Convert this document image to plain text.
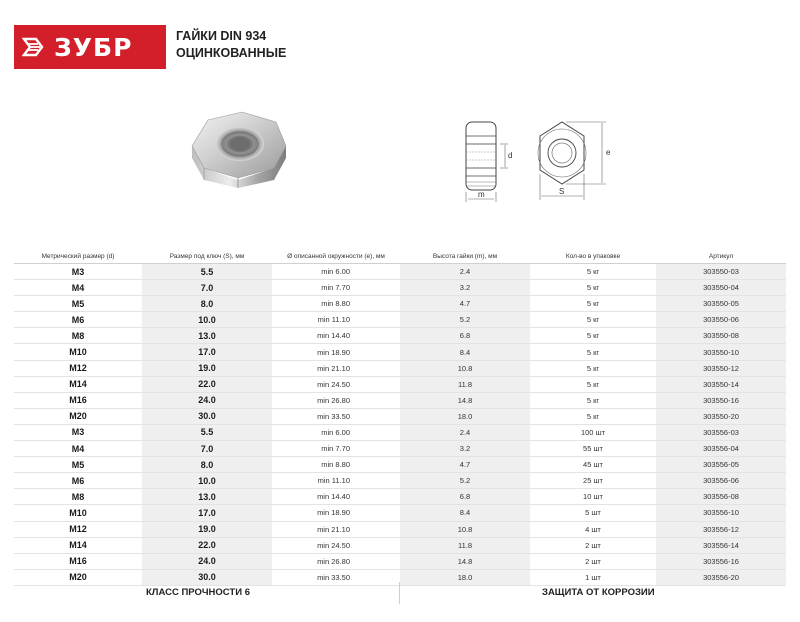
ЗУБР	ГАЙКИ DIN 934
ОЦИНКОВАННЫЕ
d
m	S
e
Метрический размер (d)	Размер под ключ (S), мм	Ø описанной окружности (e), мм	Высота гайки (m), мм	Кол-во в упаковке	Артикул
M3	5.5	min 6.00	2.4	5 кг	303550-03
M4	7.0	min 7.70	3.2	5 кг	303550-04
M5	8.0	min 8.80	4.7	5 кг	303550-05
M6	10.0	min 11.10	5.2	5 кг	303550-06
M8	13.0	min 14.40	6.8	5 кг	303550-08
M10	17.0	min 18.90	8.4	5 кг	303550-10
M12	19.0	min 21.10	10.8	5 кг	303550-12
M14	22.0	min 24.50	11.8	5 кг	303550-14
M16	24.0	min 26.80	14.8	5 кг	303550-16
M20	30.0	min 33.50	18.0	5 кг	303550-20
M3	5.5	min 6.00	2.4	100 шт	303556-03
M4	7.0	min 7.70	3.2	55 шт	303556-04
M5	8.0	min 8.80	4.7	45 шт	303556-05
M6	10.0	min 11.10	5.2	25 шт	303556-06
M8	13.0	min 14.40	6.8	10 шт	303556-08
M10	17.0	min 18.90	8.4	5 шт	303556-10
M12	19.0	min 21.10	10.8	4 шт	303556-12
M14	22.0	min 24.50	11.8	2 шт	303556-14
M16	24.0	min 26.80	14.8	2 шт	303556-16
M20	30.0	min 33.50	18.0	1 шт	303556-20
КЛАСС ПРОЧНОСТИ 6	ЗАЩИТА ОТ КОРРОЗИИ
